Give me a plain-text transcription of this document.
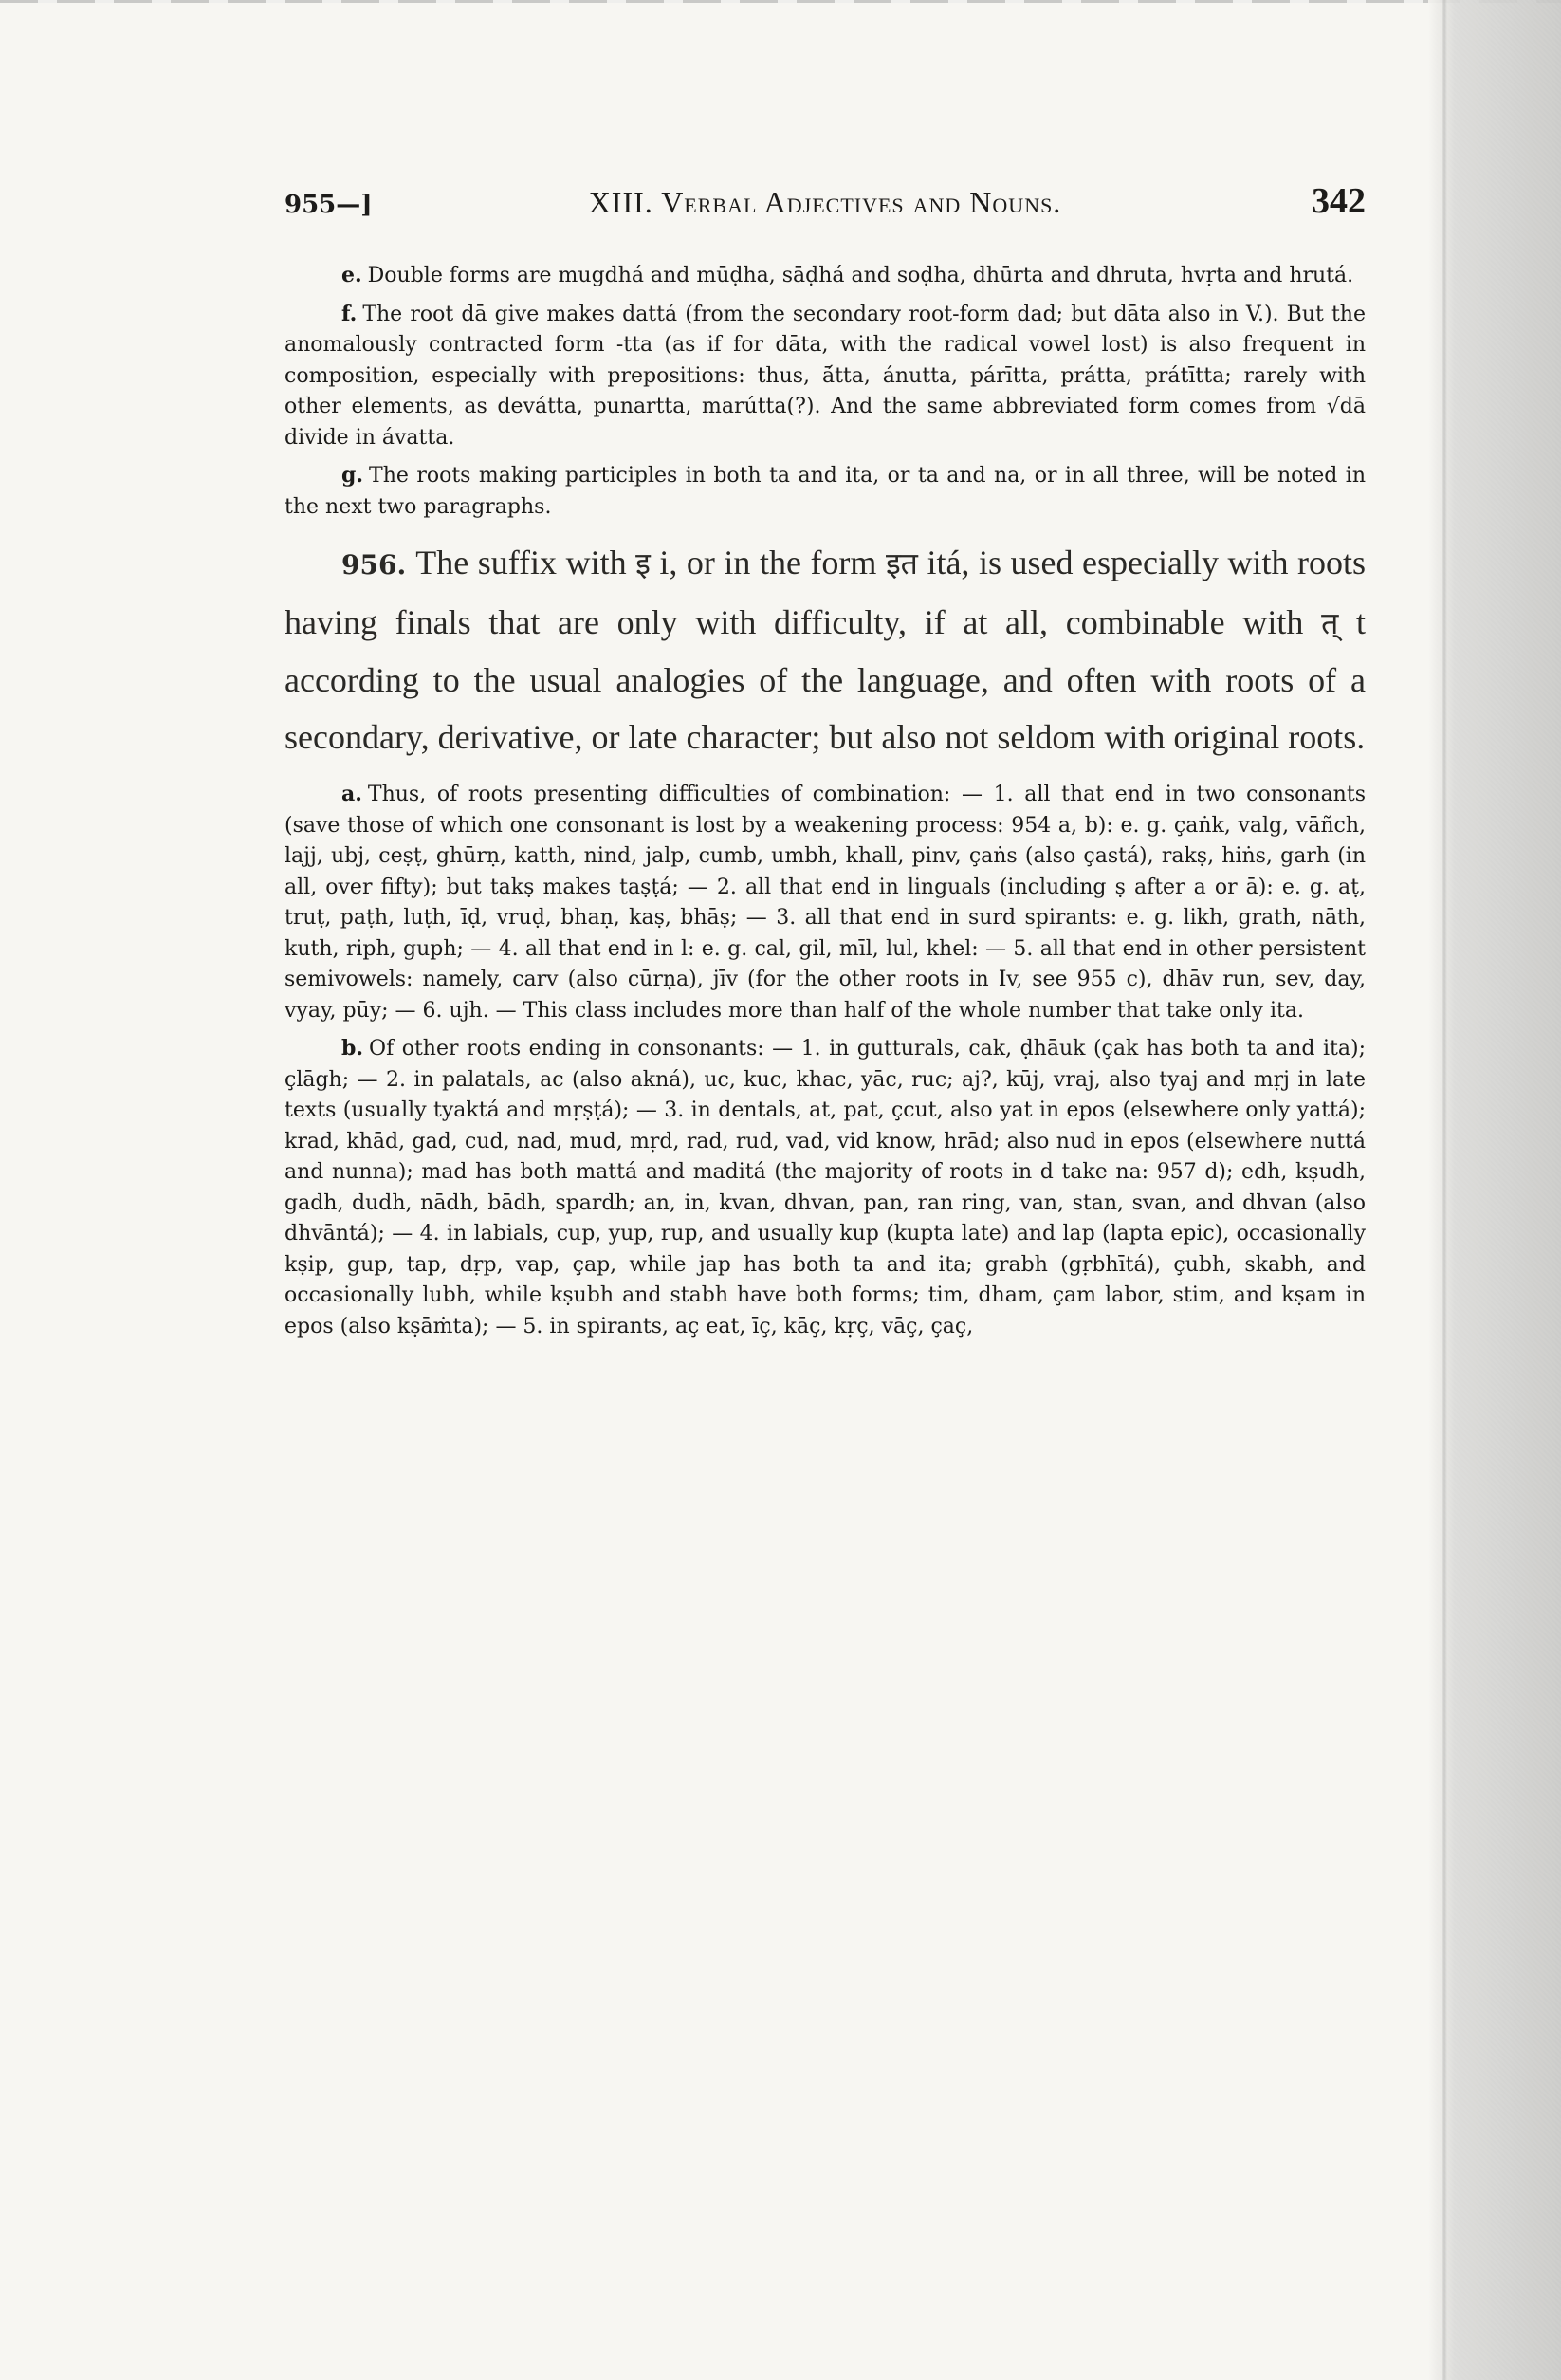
955—]	XIII. Verbal Adjectives and Nouns.	342

e. Double forms are mugdhá and mūḍha, sāḍhá and soḍha, dhūrta and dhruta, hvṛta and hrutá.

f. The root dā give makes dattá (from the secondary root-form dad; but dāta also in V.). But the anomalously contracted form -tta (as if for dāta, with the radical vowel lost) is also frequent in composition, especially with prepositions: thus, ā́tta, ánutta, párītta, prátta, prátītta; rarely with other elements, as devátta, punartta, marútta(?). And the same abbreviated form comes from √dā divide in ávatta.

g. The roots making participles in both ta and ita, or ta and na, or in all three, will be noted in the next two paragraphs.

956. The suffix with इ i, or in the form इत itá, is used especially with roots having finals that are only with difficulty, if at all, combinable with त् t according to the usual analogies of the language, and often with roots of a secondary, derivative, or late character; but also not seldom with original roots.

a. Thus, of roots presenting difficulties of combination: — 1. all that end in two consonants (save those of which one consonant is lost by a weakening process: 954 a, b): e. g. çaṅk, valg, vāñch, lajj, ubj, ceṣṭ, ghūrṇ, katth, nind, jalp, cumb, umbh, khall, pinv, çaṅs (also çastá), rakṣ, hiṅs, garh (in all, over fifty); but takṣ makes taṣṭá; — 2. all that end in linguals (including ṣ after a or ā): e. g. aṭ, truṭ, paṭh, luṭh, īḍ, vruḍ, bhaṇ, kaṣ, bhāṣ; — 3. all that end in surd spirants: e. g. likh, grath, nāth, kuth, riph, guph; — 4. all that end in l: e. g. cal, gil, mīl, lul, khel: — 5. all that end in other persistent semivowels: namely, carv (also cūrṇa), jīv (for the other roots in Iv, see 955 c), dhāv run, sev, day, vyay, pūy; — 6. ujh. — This class includes more than half of the whole number that take only ita.

b. Of other roots ending in consonants: — 1. in gutturals, cak, ḍhāuk (çak has both ta and ita); çlāgh; — 2. in palatals, ac (also akná), uc, kuc, khac, yāc, ruc; aj?, kūj, vraj, also tyaj and mṛj in late texts (usually tyaktá and mṛṣṭá); — 3. in dentals, at, pat, çcut, also yat in epos (elsewhere only yattá); krad, khād, gad, cud, nad, mud, mṛd, rad, rud, vad, vid know, hrād; also nud in epos (elsewhere nuttá and nunna); mad has both mattá and maditá (the majority of roots in d take na: 957 d); edh, kṣudh, gadh, dudh, nādh, bādh, spardh; an, in, kvan, dhvan, pan, ran ring, van, stan, svan, and dhvan (also dhvāntá); — 4. in labials, cup, yup, rup, and usually kup (kupta late) and lap (lapta epic), occasionally kṣip, gup, tap, dṛp, vap, çap, while jap has both ta and ita; grabh (gṛbhītá), çubh, skabh, and occasionally lubh, while kṣubh and stabh have both forms; tim, dham, çam labor, stim, and kṣam in epos (also kṣāṁta); — 5. in spirants, aç eat, īç, kāç, kṛç, vāç, çaç,
